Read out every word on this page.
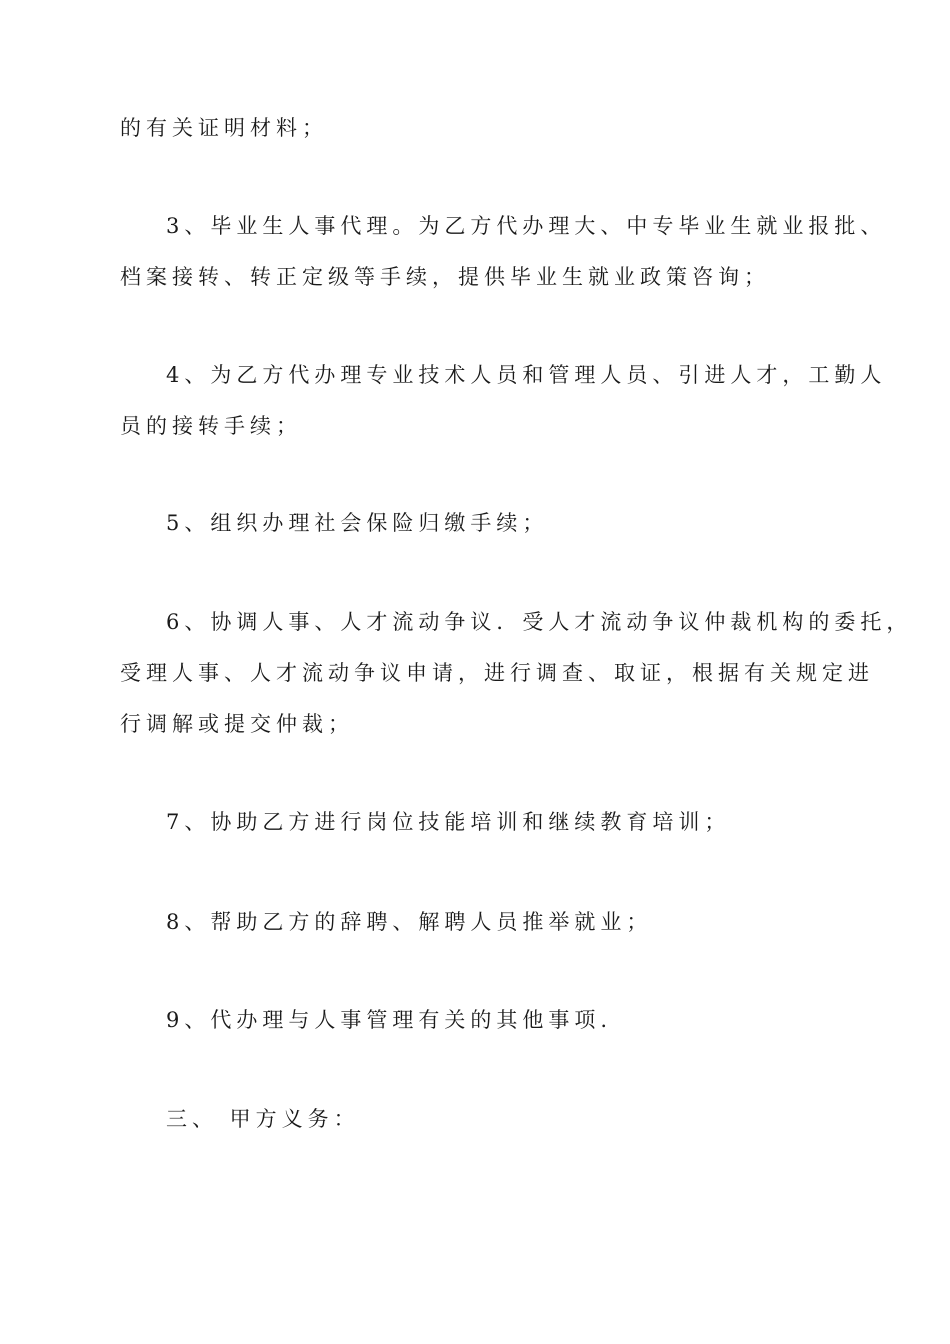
的有关证明材料；

3、毕业生人事代理。为乙方代办理大、中专毕业生就业报批、

档案接转、转正定级等手续，提供毕业生就业政策咨询；

4、为乙方代办理专业技术人员和管理人员、引进人才，工勤人

员的接转手续；

5、组织办理社会保险归缴手续；

6、协调人事、人才流动争议．受人才流动争议仲裁机构的委托，

受理人事、人才流动争议申请，进行调查、取证，根据有关规定进

行调解或提交仲裁；

7、协助乙方进行岗位技能培训和继续教育培训；

8、帮助乙方的辞聘、解聘人员推举就业；

9、代办理与人事管理有关的其他事项.

三、 甲方义务：
